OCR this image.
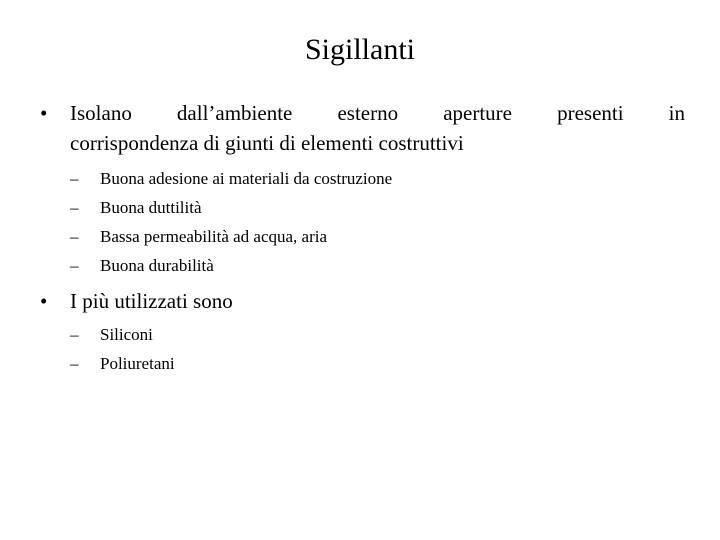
Sigillanti
• Isolano dall’ambiente esterno aperture presenti in
corrispondenza di giunti di elementi costruttivi
– Buona adesione ai materiali da costruzione
– Buona duttilità
– Bassa permeabilità ad acqua, aria
– Buona durabilità
• I più utilizzati sono
– Siliconi
– Poliuretani
